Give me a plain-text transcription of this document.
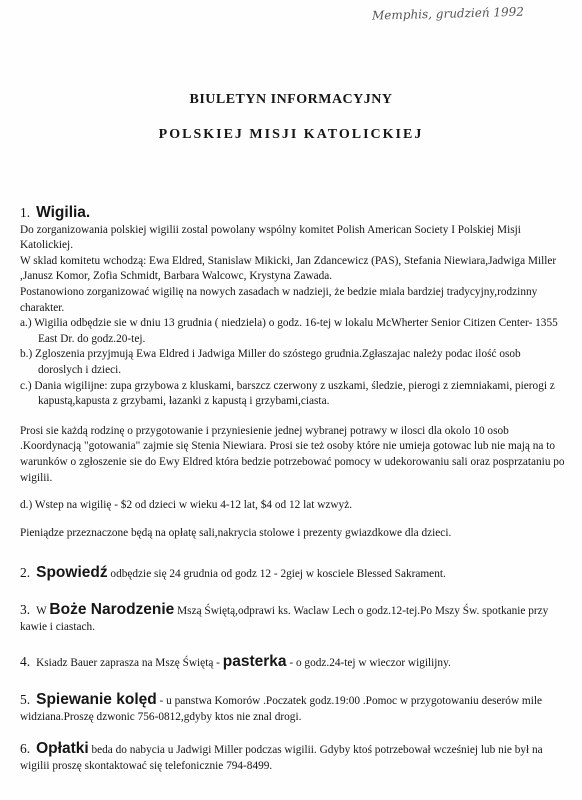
Memphis, grudzień 1992
BIULETYN INFORMACYJNY
POLSKIEJ MISJI KATOLICKIEJ

1. Wigilia.

Do zorganizowania polskiej wigilii zostal powolany wspólny komitet Polish American Society I Polskiej Misji Katolickiej.

W sklad komitetu wchodzą: Ewa Eldred, Stanislaw Mikicki, Jan Zdancewicz (PAS), Stefania Niewiara,Jadwiga Miller ,Janusz Komor, Zofia Schmidt, Barbara Walcowc, Krystyna Zawada.

Postanowiono zorganizować wigilię na nowych zasadach w nadzieji, że bedzie miala bardziej tradycyjny,rodzinny charakter.

a.) Wigilia odbędzie sie w dniu 13 grudnia ( niedziela) o godz. 16-tej w lokalu McWherter Senior Citizen Center- 1355 East Dr. do godz.20-tej.

b.) Zgloszenia przyjmują Ewa Eldred i Jadwiga Miller do szóstego grudnia.Zgłaszajac należy podac ilość osob doroslych i dzieci.

c.) Dania wigilijne: zupa grzybowa z kluskami, barszcz czerwony z uszkami, śledzie, pierogi z ziemniakami, pierogi z kapustą,kapusta z grzybami, łazanki z kapustą i grzybami,ciasta.

Prosi sie każdą rodzinę o przygotowanie i przyniesienie jednej wybranej potrawy w ilosci dla okolo 10 osob .Koordynacją "gotowania" zajmie się Stenia Niewiara. Prosi sie też osoby które nie umieja gotowac lub nie mają na to warunków o zgłoszenie sie do Ewy Eldred która bedzie potrzebować pomocy w udekorowaniu sali oraz posprzataniu po wigilii.

d.) Wstep na wigilię - $2 od dzieci w wieku 4-12 lat, $4 od 12 lat wzwyż.

Pieniądze przeznaczone będą na opłatę sali,nakrycia stolowe i prezenty gwiazdkowe dla dzieci.

2. Spowiedź odbędzie się 24 grudnia od godz 12 - 2giej w kosciele Blessed Sakrament.
3. W Boże Narodzenie Mszą Świętą,odprawi ks. Waclaw Lech o godz.12-tej.Po Mszy Św. spotkanie przy kawie i ciastach.
4. Ksiadz Bauer zaprasza na Mszę Świętą - pasterka - o godz.24-tej w wieczor wigilijny.
5. Spiewanie kolęd - u panstwa Komorów .Poczatek godz.19:00 .Pomoc w przygotowaniu deserów mile widziana.Proszę dzwonic 756-0812,gdyby ktos nie znal drogi.
6. Opłatki beda do nabycia u Jadwigi Miller podczas wigilii. Gdyby ktoś potrzebował wcześniej lub nie był na wigilii proszę skontaktować się telefonicznie 794-8499.
